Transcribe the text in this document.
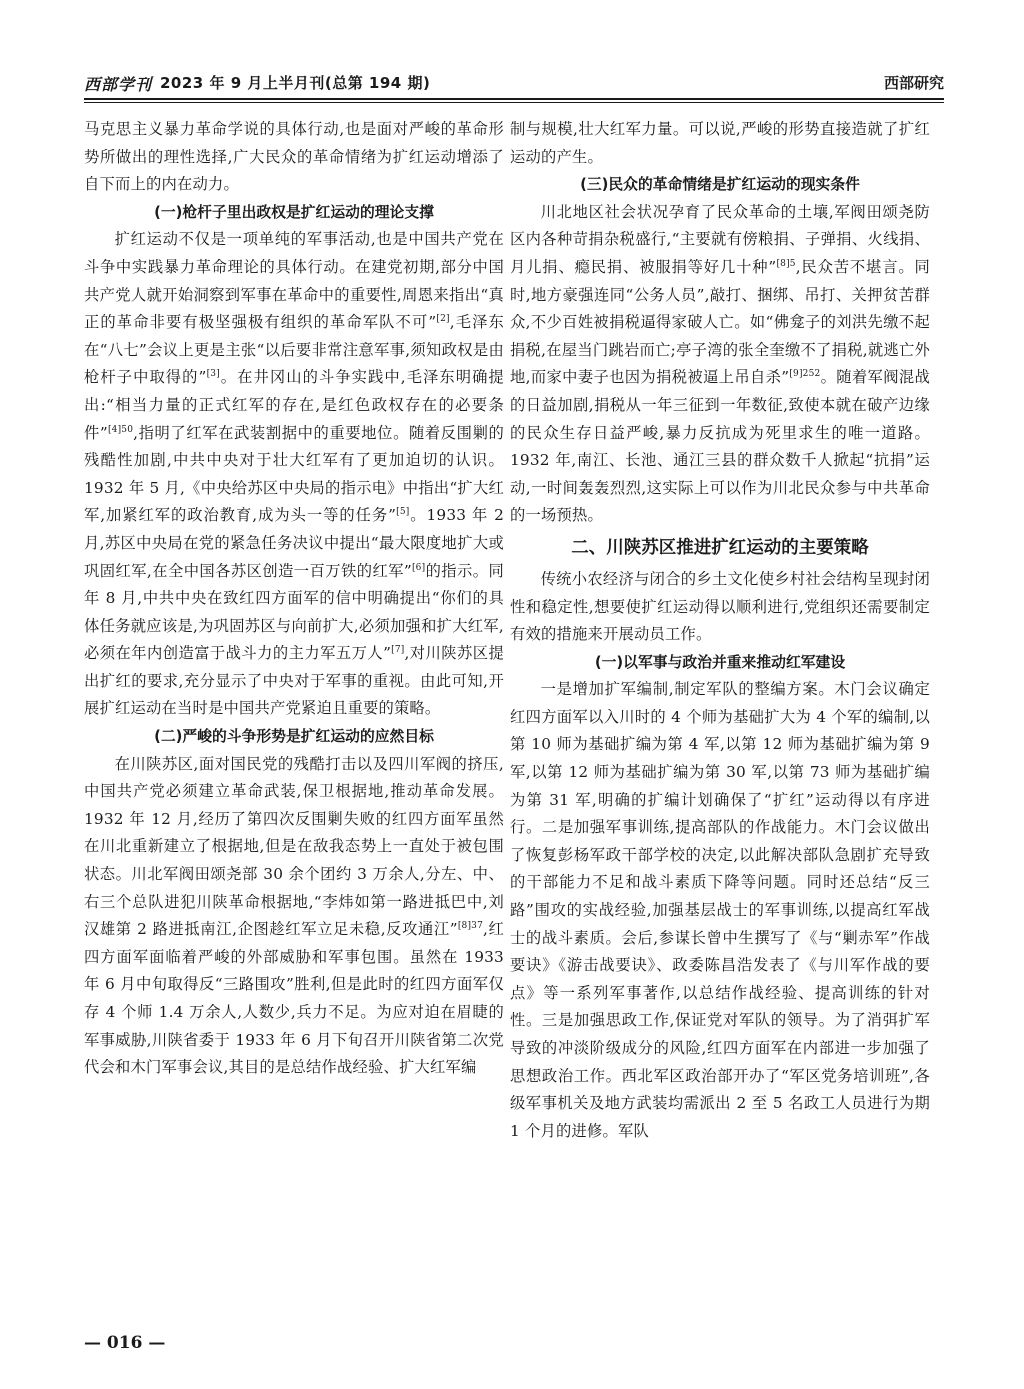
西部学刊 2023 年 9 月上半月刊(总第 194 期)	西部研究

马克思主义暴力革命学说的具体行动,也是面对严峻的革命形势所做出的理性选择,广大民众的革命情绪为扩红运动增添了自下而上的内在动力。

(一)枪杆子里出政权是扩红运动的理论支撑

扩红运动不仅是一项单纯的军事活动,也是中国共产党在斗争中实践暴力革命理论的具体行动。在建党初期,部分中国共产党人就开始洞察到军事在革命中的重要性,周恩来指出“真正的革命非要有极坚强极有组织的革命军队不可”[2],毛泽东在“八七”会议上更是主张“以后要非常注意军事,须知政权是由枪杆子中取得的”[3]。在井冈山的斗争实践中,毛泽东明确提出:“相当力量的正式红军的存在,是红色政权存在的必要条件”$^{[4]50}$,指明了红军在武装割据中的重要地位。随着反围剿的残酷性加剧,中共中央对于壮大红军有了更加迫切的认识。1932 年 5 月,《中央给苏区中央局的指示电》中指出“扩大红军,加紧红军的政治教育,成为头一等的任务”[5]。1933 年 2 月,苏区中央局在党的紧急任务决议中提出“最大限度地扩大或巩固红军,在全中国各苏区创造一百万铁的红军”[6]的指示。同年 8 月,中共中央在致红四方面军的信中明确提出“你们的具体任务就应该是,为巩固苏区与向前扩大,必须加强和扩大红军,必须在年内创造富于战斗力的主力军五万人”[7],对川陕苏区提出扩红的要求,充分显示了中央对于军事的重视。由此可知,开展扩红运动在当时是中国共产党紧迫且重要的策略。

(二)严峻的斗争形势是扩红运动的应然目标

在川陕苏区,面对国民党的残酷打击以及四川军阀的挤压,中国共产党必须建立革命武装,保卫根据地,推动革命发展。1932 年 12 月,经历了第四次反围剿失败的红四方面军虽然在川北重新建立了根据地,但是在敌我态势上一直处于被包围状态。川北军阀田颂尧部 30 余个团约 3 万余人,分左、中、右三个总队进犯川陕革命根据地,“李炜如第一路进抵巴中,刘汉雄第 2 路进抵南江,企图趁红军立足未稳,反攻通江”$^{[8]37}$,红四方面军面临着严峻的外部威胁和军事包围。虽然在 1933 年 6 月中旬取得反“三路围攻”胜利,但是此时的红四方面军仅存 4 个师 1.4 万余人,人数少,兵力不足。为应对迫在眉睫的军事威胁,川陕省委于 1933 年 6 月下旬召开川陕省第二次党代会和木门军事会议,其目的是总结作战经验、扩大红军编

制与规模,壮大红军力量。可以说,严峻的形势直接造就了扩红运动的产生。

(三)民众的革命情绪是扩红运动的现实条件

川北地区社会状况孕育了民众革命的土壤,军阀田颂尧防区内各种苛捐杂税盛行,“主要就有傍粮捐、子弹捐、火线捐、月儿捐、瘾民捐、被服捐等好几十种”$^{[8]5}$,民众苦不堪言。同时,地方豪强连同“公务人员”,敲打、捆绑、吊打、关押贫苦群众,不少百姓被捐税逼得家破人亡。如“佛龛子的刘洪先缴不起捐税,在屋当门跳岩而亡;亭子湾的张全奎缴不了捐税,就逃亡外地,而家中妻子也因为捐税被逼上吊自杀”$^{[9]252}$。随着军阀混战的日益加剧,捐税从一年三征到一年数征,致使本就在破产边缘的民众生存日益严峻,暴力反抗成为死里求生的唯一道路。1932 年,南江、长池、通江三县的群众数千人掀起“抗捐”运动,一时间轰轰烈烈,这实际上可以作为川北民众参与中共革命的一场预热。

二、川陕苏区推进扩红运动的主要策略

传统小农经济与闭合的乡土文化使乡村社会结构呈现封闭性和稳定性,想要使扩红运动得以顺利进行,党组织还需要制定有效的措施来开展动员工作。

(一)以军事与政治并重来推动红军建设

一是增加扩军编制,制定军队的整编方案。木门会议确定红四方面军以入川时的 4 个师为基础扩大为 4 个军的编制,以第 10 师为基础扩编为第 4 军,以第 12 师为基础扩编为第 9 军,以第 12 师为基础扩编为第 30 军,以第 73 师为基础扩编为第 31 军,明确的扩编计划确保了“扩红”运动得以有序进行。二是加强军事训练,提高部队的作战能力。木门会议做出了恢复彭杨军政干部学校的决定,以此解决部队急剧扩充导致的干部能力不足和战斗素质下降等问题。同时还总结“反三路”围攻的实战经验,加强基层战士的军事训练,以提高红军战士的战斗素质。会后,参谋长曾中生撰写了《与“剿赤军”作战要诀》《游击战要诀》、政委陈昌浩发表了《与川军作战的要点》等一系列军事著作,以总结作战经验、提高训练的针对性。三是加强思政工作,保证党对军队的领导。为了消弭扩军导致的冲淡阶级成分的风险,红四方面军在内部进一步加强了思想政治工作。西北军区政治部开办了“军区党务培训班”,各级军事机关及地方武装均需派出 2 至 5 名政工人员进行为期 1 个月的进修。军队

— 016 —
